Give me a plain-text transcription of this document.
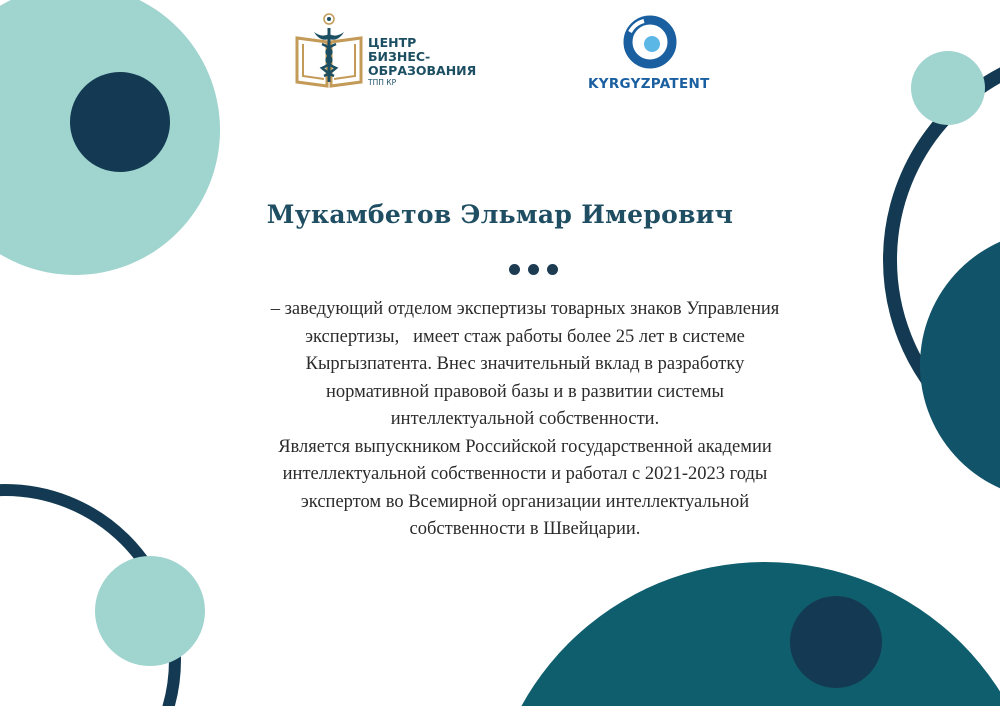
ЦЕНТР
БИЗНЕС-
ОБРАЗОВАНИЯ
ТПП КР	KYRGYZPATENT
Мукамбетов Эльмар Имерович

– заведующий отделом экспертизы товарных знаков Управления
экспертизы,   имеет стаж работы более 25 лет в системе
Кыргызпатента. Внес значительный вклад в разработку
нормативной правовой базы и в развитии системы
интеллектуальной собственности.

Является выпускником Российской государственной академии
интеллектуальной собственности и работал с 2021-2023 годы
экспертом во Всемирной организации интеллектуальной
собственности в Швейцарии.
